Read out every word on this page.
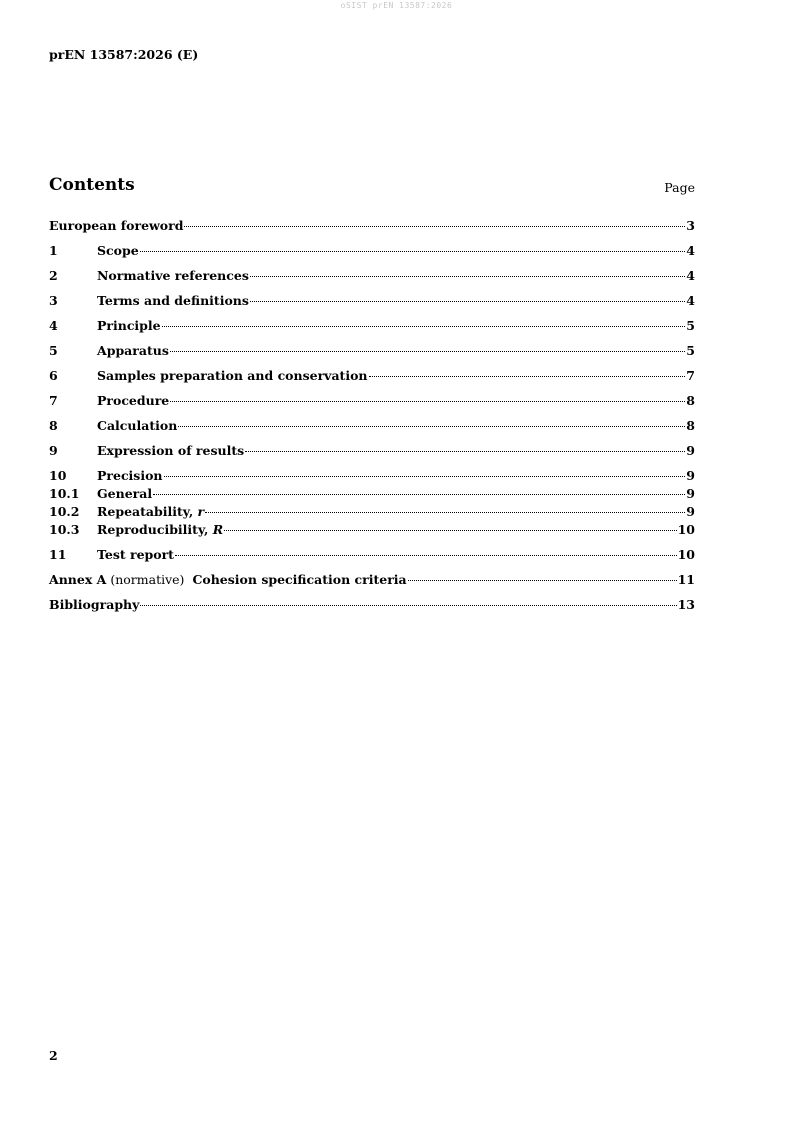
oSIST prEN 13587:2026
prEN 13587:2026 (E)
Contents	Page
European foreword	3
1	Scope	4
2	Normative references	4
3	Terms and definitions	4
4	Principle	5
5	Apparatus	5
6	Samples preparation and conservation	7
7	Procedure	8
8	Calculation	8
9	Expression of results	9
10	Precision	9
10.1	General	9
10.2	Repeatability, r	9
10.3	Reproducibility, R	10
11	Test report	10
Annex A (normative) Cohesion specification criteria	11
Bibliography	13
2
